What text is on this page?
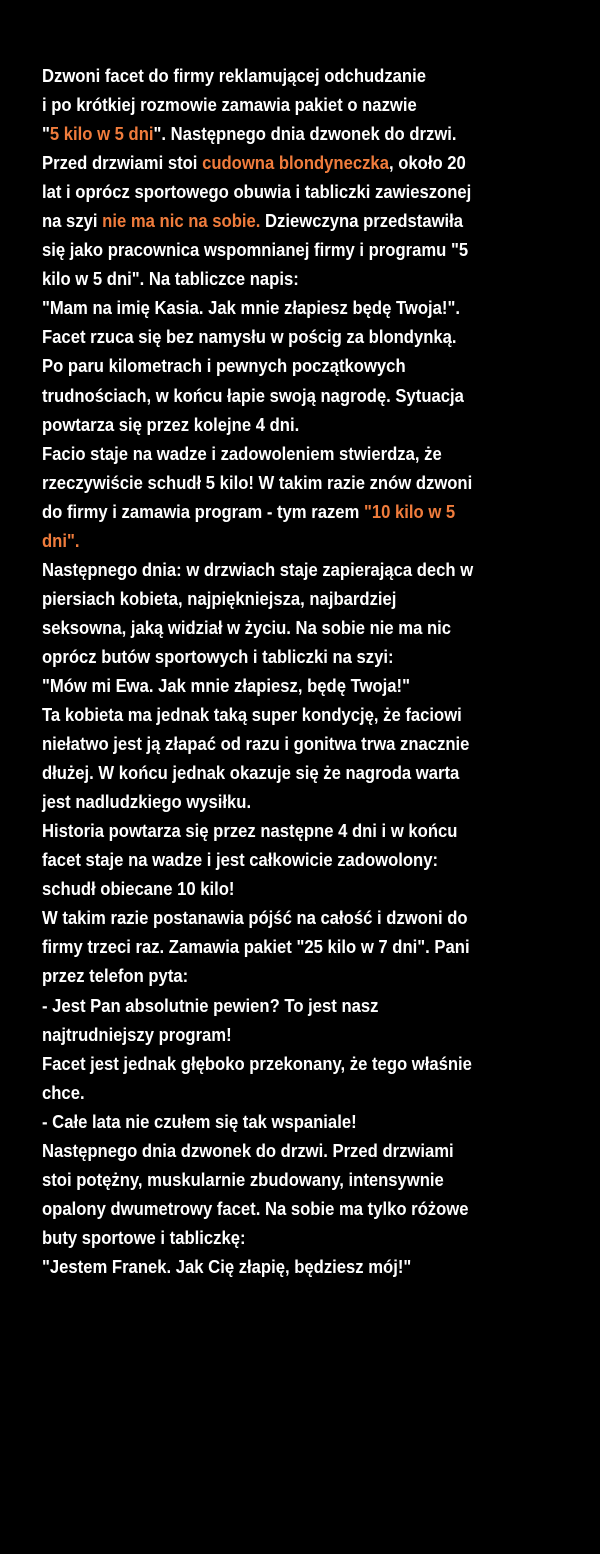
Dzwoni facet do firmy reklamującej odchudzanie
i po krótkiej rozmowie zamawia pakiet o nazwie
"5 kilo w 5 dni". Następnego dnia dzwonek do drzwi.
Przed drzwiami stoi cudowna blondyneczka, około 20
lat i oprócz sportowego obuwia i tabliczki zawieszonej
na szyi nie ma nic na sobie. Dziewczyna przedstawiła
się jako pracownica wspomnianej firmy i programu "5
kilo w 5 dni". Na tabliczce napis:
"Mam na imię Kasia. Jak mnie złapiesz będę Twoja!".
Facet rzuca się bez namysłu w pościg za blondynką.
Po paru kilometrach i pewnych początkowych
trudnościach, w końcu łapie swoją nagrodę. Sytuacja
powtarza się przez kolejne 4 dni.
Facio staje na wadze i zadowoleniem stwierdza, że
rzeczywiście schudł 5 kilo! W takim razie znów dzwoni
do firmy i zamawia program - tym razem "10 kilo w 5
dni".
Następnego dnia: w drzwiach staje zapierająca dech w
piersiach kobieta, najpiękniejsza, najbardziej
seksowna, jaką widział w życiu. Na sobie nie ma nic
oprócz butów sportowych i tabliczki na szyi:
"Mów mi Ewa. Jak mnie złapiesz, będę Twoja!"
Ta kobieta ma jednak taką super kondycję, że faciowi
niełatwo jest ją złapać od razu i gonitwa trwa znacznie
dłużej. W końcu jednak okazuje się że nagroda warta
jest nadludzkiego wysiłku.
Historia powtarza się przez następne 4 dni i w końcu
facet staje na wadze i jest całkowicie zadowolony:
schudł obiecane 10 kilo!
W takim razie postanawia pójść na całość i dzwoni do
firmy trzeci raz. Zamawia pakiet "25 kilo w 7 dni". Pani
przez telefon pyta:
- Jest Pan absolutnie pewien? To jest nasz
najtrudniejszy program!
Facet jest jednak głęboko przekonany, że tego właśnie
chce.
- Całe lata nie czułem się tak wspaniale!
Następnego dnia dzwonek do drzwi. Przed drzwiami
stoi potężny, muskularnie zbudowany, intensywnie
opalony dwumetrowy facet. Na sobie ma tylko różowe
buty sportowe i tabliczkę:
"Jestem Franek. Jak Cię złapię, będziesz mój!"
